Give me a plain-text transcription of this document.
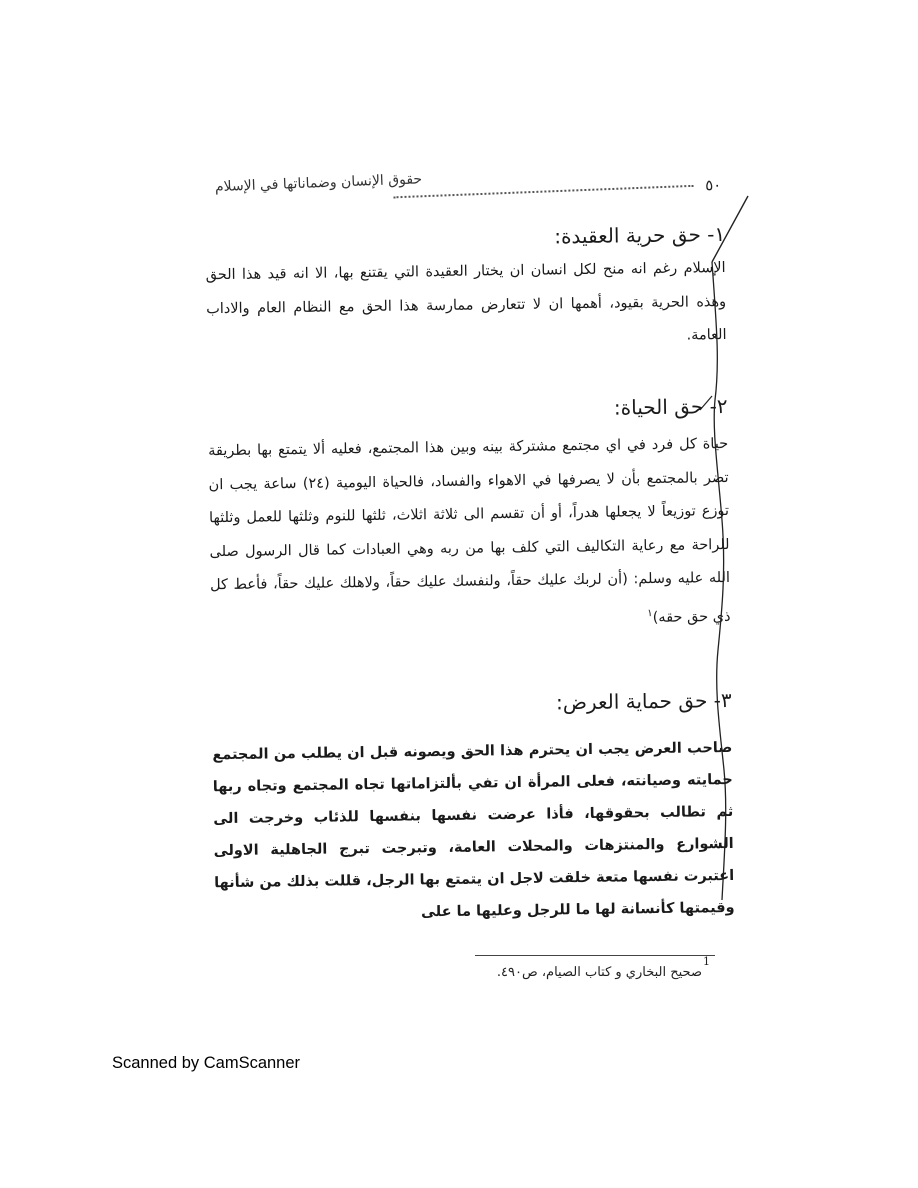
٥٠
حقوق الإنسان وضماناتها في الإسلام
١- حق حرية العقيدة:

الإسلام رغم انه منح لكل انسان ان يختار العقيدة التي يقتنع بها، الا انه قيد هذا الحق وهذه الحرية بقيود، أهمها ان لا تتعارض ممارسة هذا الحق مع النظام العام والاداب العامة.

٢- حق الحياة:

حياة كل فرد في اي مجتمع مشتركة بينه وبين هذا المجتمع، فعليه ألا يتمتع بها بطريقة تضر بالمجتمع بأن لا يصرفها في الاهواء والفساد، فالحياة اليومية (٢٤) ساعة يجب ان توزع توزيعاً لا يجعلها هدراً، أو أن تقسم الى ثلاثة اثلاث، ثلثها للنوم وثلثها للعمل وثلثها للراحة مع رعاية التكاليف التي كلف بها من ربه وهي العبادات كما قال الرسول صلى الله عليه وسلم: (أن لربك عليك حقاً، ولنفسك عليك حقاً، ولاهلك عليك حقاً، فأعط كل ذي حق حقه)$^١$

٣- حق حماية العرض:

صاحب العرض يجب ان يحترم هذا الحق ويصونه قبل ان يطلب من المجتمع حمايته وصيانته، فعلى المرأة ان تفي بألتزاماتها تجاه المجتمع وتجاه ربها ثم تطالب بحقوقها، فأذا عرضت نفسها بنفسها للذئاب وخرجت الى الشوارع والمنتزهات والمحلات العامة، وتبرجت تبرج الجاهلية الاولى اعتبرت نفسها متعة خلقت لاجل ان يتمتع بها الرجل، قللت بذلك من شأنها وقيمتها كأنسانة لها ما للرجل وعليها ما على

1
صحيح البخاري و كتاب الصيام، ص٤٩٠.
Scanned by CamScanner
